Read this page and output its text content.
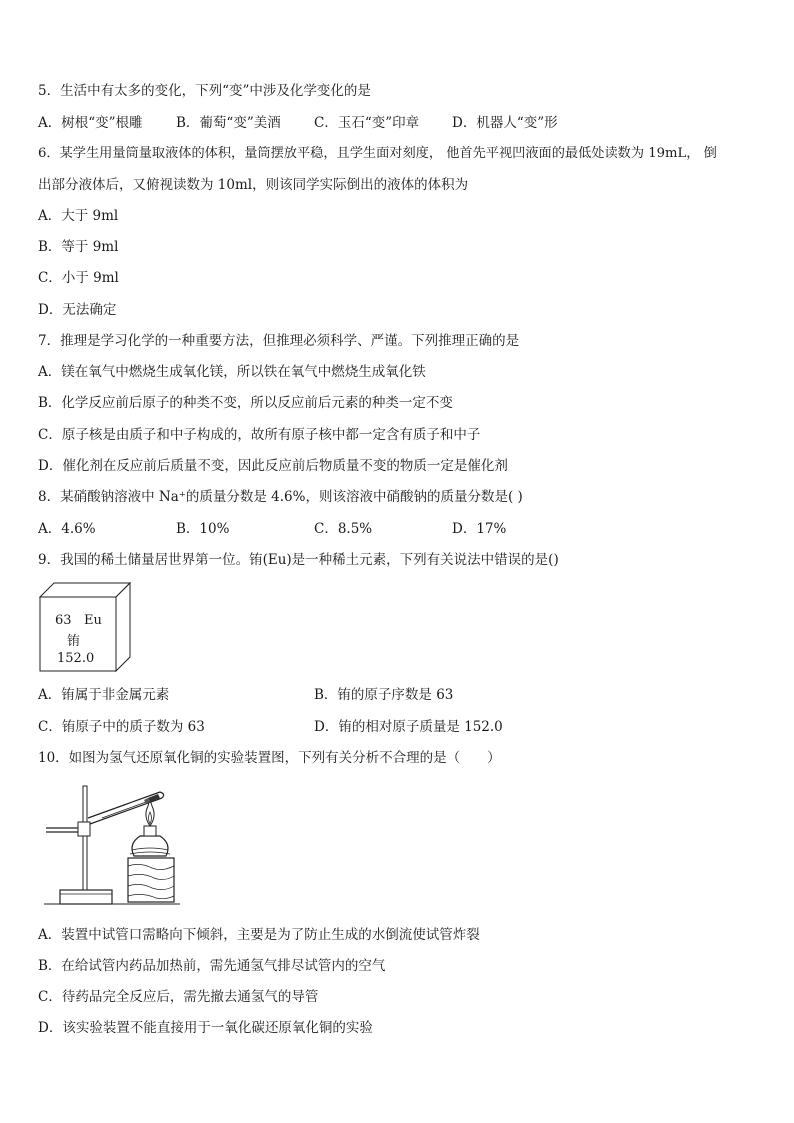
5．生活中有太多的变化，下列“变”中涉及化学变化的是
A．树根“变”根雕 B．葡萄“变”美酒 C．玉石“变”印章 D．机器人“变”形
6．某学生用量筒量取液体的体积，量筒摆放平稳，且学生面对刻度， 他首先平视凹液面的最低处读数为 19mL， 倒
出部分液体后，又俯视读数为 10ml，则该同学实际倒出的液体的体积为
A．大于 9ml
B．等于 9ml
C．小于 9ml
D．无法确定
7．推理是学习化学的一种重要方法，但推理必须科学、严谨。下列推理正确的是
A．镁在氧气中燃烧生成氧化镁，所以铁在氧气中燃烧生成氧化铁
B．化学反应前后原子的种类不变，所以反应前后元素的种类一定不变
C．原子核是由质子和中子构成的，故所有原子核中都一定含有质子和中子
D．催化剂在反应前后质量不变，因此反应前后物质量不变的物质一定是催化剂
8．某硝酸钠溶液中 Na⁺的质量分数是 4.6%，则该溶液中硝酸钠的质量分数是( )
A．4.6%	B．10%	C．8.5%	D．17%
9．我国的稀土储量居世界第一位。铕(Eu)是一种稀土元素，下列有关说法中错误的是()
63 Eu
铕
152.0
A．铕属于非金属元素	B．铕的原子序数是 63
C．铕原子中的质子数为 63	D．铕的相对原子质量是 152.0
10．如图为氢气还原氧化铜的实验装置图，下列有关分析不合理的是（　　）
A．装置中试管口需略向下倾斜，主要是为了防止生成的水倒流使试管炸裂
B．在给试管内药品加热前，需先通氢气排尽试管内的空气
C．待药品完全反应后，需先撤去通氢气的导管
D．该实验装置不能直接用于一氧化碳还原氧化铜的实验
